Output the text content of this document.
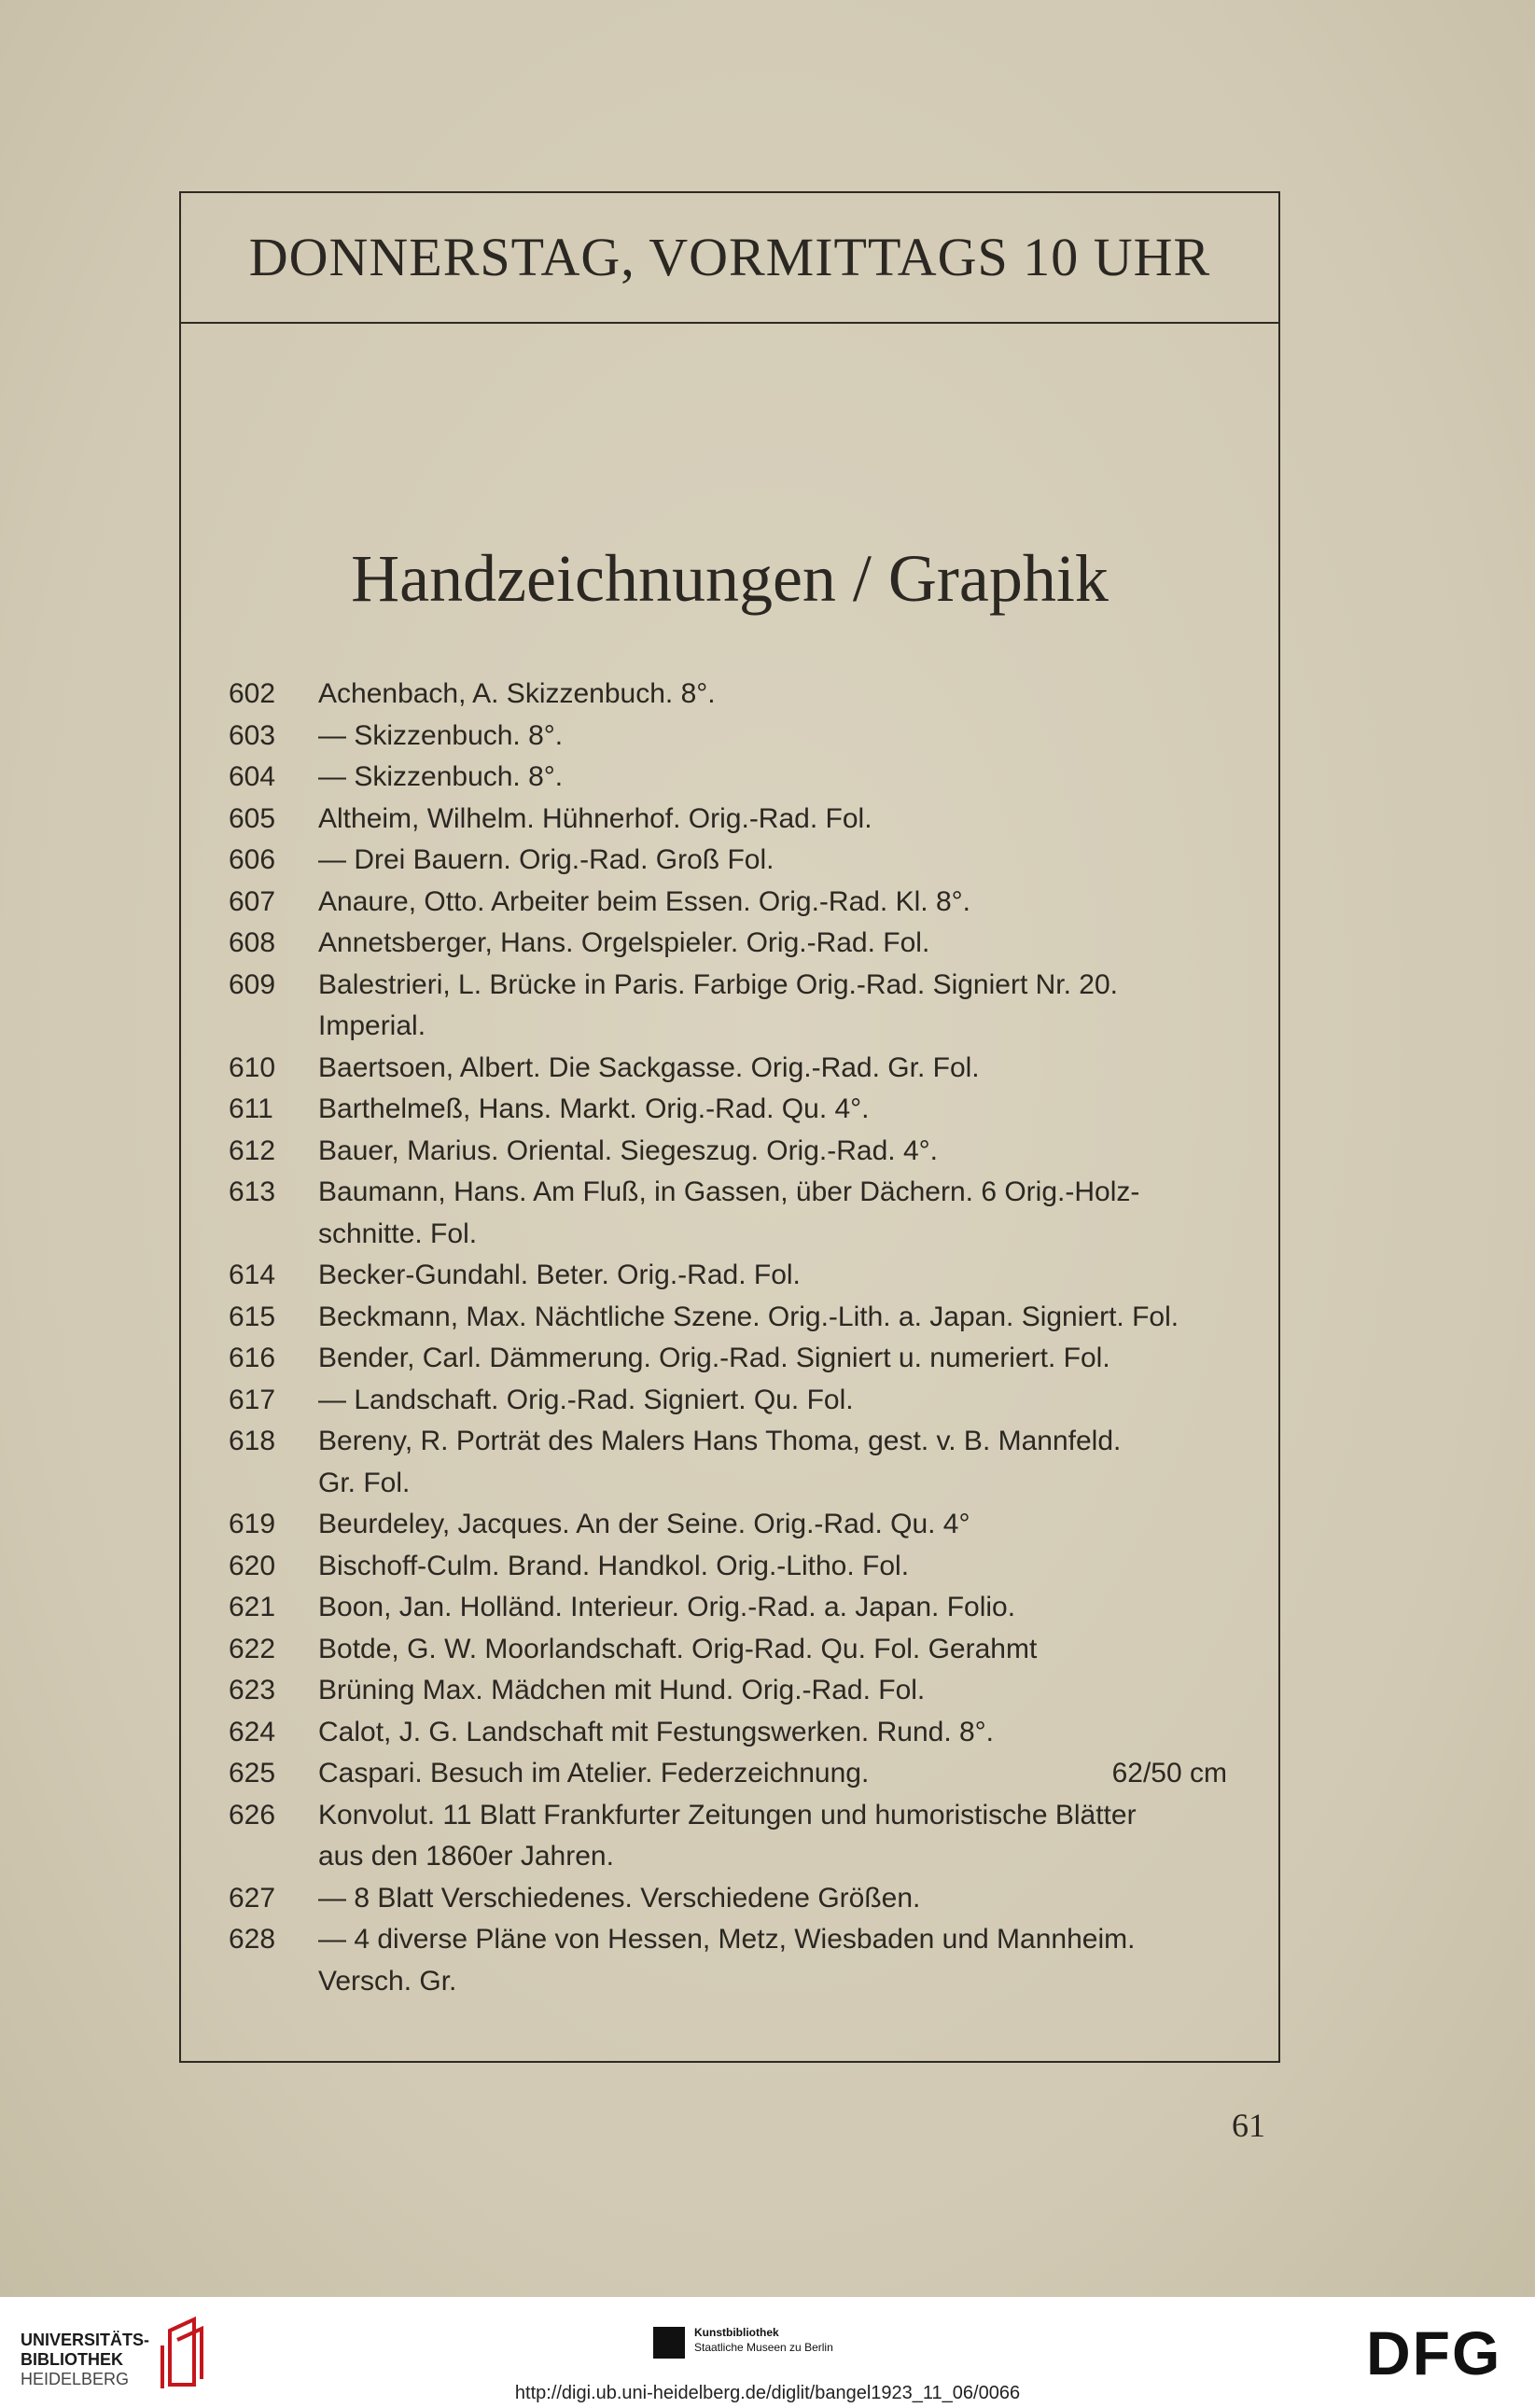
DONNERSTAG, VORMITTAGS 10 UHR
Handzeichnungen / Graphik
602	Achenbach, A. Skizzenbuch. 8°.
603	— Skizzenbuch. 8°.
604	— Skizzenbuch. 8°.
605	Altheim, Wilhelm. Hühnerhof. Orig.-Rad. Fol.
606	— Drei Bauern. Orig.-Rad. Groß Fol.
607	Anaure, Otto. Arbeiter beim Essen. Orig.-Rad. Kl. 8°.
608	Annetsberger, Hans. Orgelspieler. Orig.-Rad. Fol.
609	Balestrieri, L. Brücke in Paris. Farbige Orig.-Rad. Signiert Nr. 20.
Imperial.
610	Baertsoen, Albert. Die Sackgasse. Orig.-Rad. Gr. Fol.
611	Barthelmeß, Hans. Markt. Orig.-Rad. Qu. 4°.
612	Bauer, Marius. Oriental. Siegeszug. Orig.-Rad. 4°.
613	Baumann, Hans. Am Fluß, in Gassen, über Dächern. 6 Orig.-Holz-
schnitte. Fol.
614	Becker-Gundahl. Beter. Orig.-Rad. Fol.
615	Beckmann, Max. Nächtliche Szene. Orig.-Lith. a. Japan. Signiert. Fol.
616	Bender, Carl. Dämmerung. Orig.-Rad. Signiert u. numeriert. Fol.
617	— Landschaft. Orig.-Rad. Signiert. Qu. Fol.
618	Bereny, R. Porträt des Malers Hans Thoma, gest. v. B. Mannfeld.
Gr. Fol.
619	Beurdeley, Jacques. An der Seine. Orig.-Rad. Qu. 4°
620	Bischoff-Culm. Brand. Handkol. Orig.-Litho. Fol.
621	Boon, Jan. Holländ. Interieur. Orig.-Rad. a. Japan. Folio.
622	Botde, G. W. Moorlandschaft. Orig-Rad. Qu. Fol. Gerahmt
623	Brüning Max. Mädchen mit Hund. Orig.-Rad. Fol.
624	Calot, J. G. Landschaft mit Festungswerken. Rund. 8°.
625	Caspari. Besuch im Atelier. Federzeichnung.	62/50 cm
626	Konvolut. 11 Blatt Frankfurter Zeitungen und humoristische Blätter
aus den 1860er Jahren.
627	— 8 Blatt Verschiedenes. Verschiedene Größen.
628	— 4 diverse Pläne von Hessen, Metz, Wiesbaden und Mannheim.
Versch. Gr.
61
UNIVERSITÄTS-
BIBLIOTHEK
HEIDELBERG
Kunstbibliothek
Staatliche Museen zu Berlin	DFG
http://digi.ub.uni-heidelberg.de/diglit/bangel1923_11_06/0066
